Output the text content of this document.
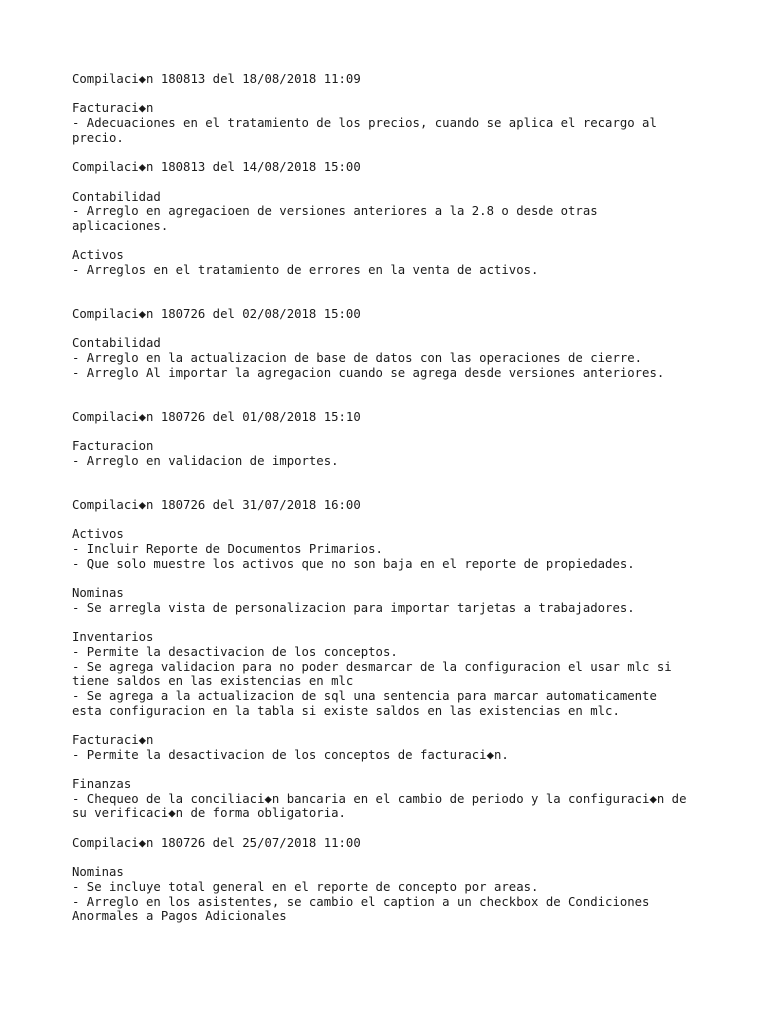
Compilaci◆n 180813 del 18/08/2018 11:09
Facturaci◆n
- Adecuaciones en el tratamiento de los precios, cuando se aplica el recargo al
precio.
Compilaci◆n 180813 del 14/08/2018 15:00
Contabilidad
- Arreglo en agregacioen de versiones anteriores a la 2.8 o desde otras
aplicaciones.
Activos
- Arreglos en el tratamiento de errores en la venta de activos.
Compilaci◆n 180726 del 02/08/2018 15:00
Contabilidad
- Arreglo en la actualizacion de base de datos con las operaciones de cierre.
- Arreglo Al importar la agregacion cuando se agrega desde versiones anteriores.
Compilaci◆n 180726 del 01/08/2018 15:10
Facturacion
- Arreglo en validacion de importes.
Compilaci◆n 180726 del 31/07/2018 16:00
Activos
- Incluir Reporte de Documentos Primarios.
- Que solo muestre los activos que no son baja en el reporte de propiedades.
Nominas
- Se arregla vista de personalizacion para importar tarjetas a trabajadores.
Inventarios
- Permite la desactivacion de los conceptos.
- Se agrega validacion para no poder desmarcar de la configuracion el usar mlc si
tiene saldos en las existencias en mlc
- Se agrega a la actualizacion de sql una sentencia para marcar automaticamente
esta configuracion en la tabla si existe saldos en las existencias en mlc.
Facturaci◆n
- Permite la desactivacion de los conceptos de facturaci◆n.
Finanzas
- Chequeo de la conciliaci◆n bancaria en el cambio de periodo y la configuraci◆n de
su verificaci◆n de forma obligatoria.
Compilaci◆n 180726 del 25/07/2018 11:00
Nominas
- Se incluye total general en el reporte de concepto por areas.
- Arreglo en los asistentes, se cambio el caption a un checkbox de Condiciones
Anormales a Pagos Adicionales
